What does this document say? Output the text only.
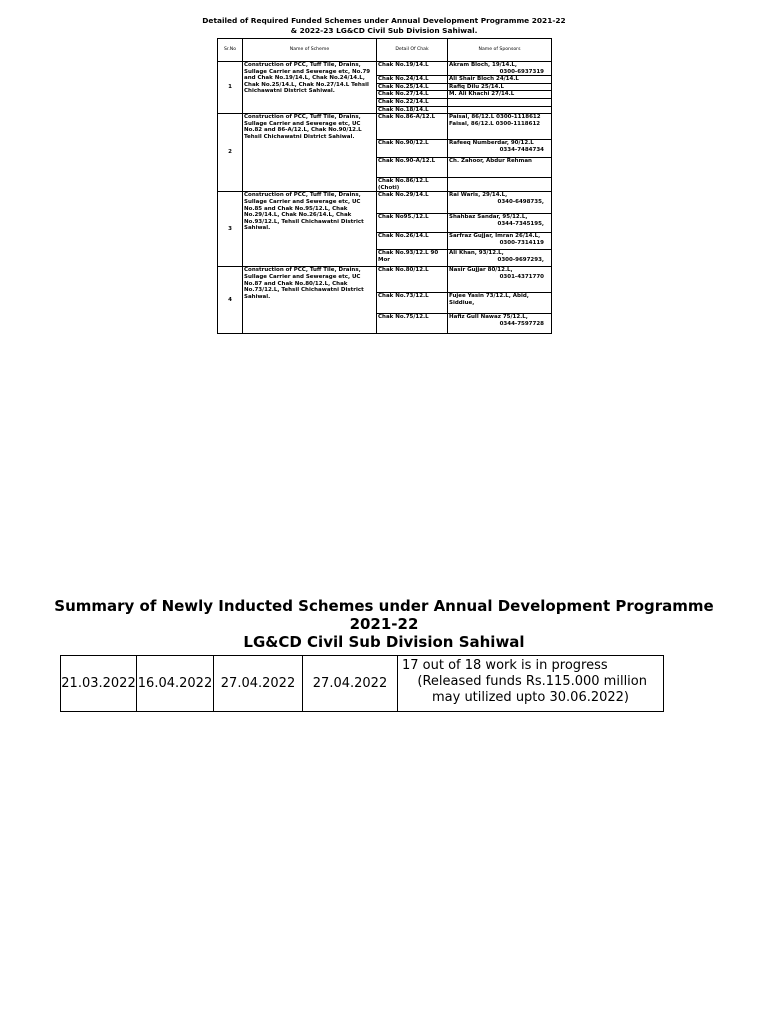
Detailed of Required Funded Schemes under Annual Development Programme 2021-22
& 2022-23 LG&CD Civil Sub Division Sahiwal.
Sr.No	Name of Scheme	Detail Of Chak	Name of Sponsors
1	Construction of PCC, Tuff Tile, Drains, Sullage Carrier and Sewerage etc, No.79 and Chak No.19/14.L, Chak No.24/14.L, Chak No.25/14.L, Chak No.27/14.L Tehsil Chichawatni District Sahiwal.	Chak No.19/14.L	Akram Bloch, 19/14.L,
0300-6937319

		Chak No.24/14.L	Ali Shair Bloch 24/14.L

		Chak No.25/14.L	Rafiq Dilu 25/14.L

		Chak No.27/14.L	M. Ali Khachi 27/14.L

		Chak No.22/14.L	

		Chak No.18/14.L	

2	Construction of PCC, Tuff Tile, Drains, Sullage Carrier and Sewerage etc, UC No.82 and 86-A/12.L, Chak No.90/12.L Tehsil Chichawatni District Sahiwal.	Chak No.86-A/12.L	Paisal, 86/12.L 0300-1118612 Faisal, 86/12.L 0300-1118612

		Chak No.90/12.L	Rafeeq Numberdar, 90/12.L
0334-7484734

		Chak No.90-A/12.L	Ch. Zahoor, Abdur Rehman

		Chak No.86/12.L (Choti)	

3	Construction of PCC, Tuff Tile, Drains, Sullage Carrier and Sewerage etc, UC No.85 and Chak No.95/12.L, Chak No.29/14.L, Chak No.26/14.L, Chak No.93/12.L, Tehsil Chichawatni District Sahiwal.	Chak No.29/14.L	Rai Waris, 29/14.L,
0340-6498735,

		Chak No95./12.L	Shahbaz Sandar, 95/12.L,
0344-7345195,

		Chak No.26/14.L	Sarfraz Gujjar, Imran 26/14.L,
0300-7314119

		Chak No.93/12.L 90 Mor	Ali Khan, 93/12.L,
0300-9697293,

4	Construction of PCC, Tuff Tile, Drains, Sullage Carrier and Sewerage etc, UC No.87 and Chak No.80/12.L, Chak No.73/12.L, Tehsil Chichawatni District Sahiwal.	Chak No.80/12.L	Nasir Gujjar 80/12.L,
0301-4371770

		Chak No.73/12.L	Fujee Yasin 73/12.L, Abid, Siddiue,

		Chak No.75/12.L	Hafiz Gull Nawaz 75/12.L,
0344-7597728
Summary of Newly Inducted Schemes under Annual Development Programme
2021-22
LG&CD Civil Sub Division Sahiwal
21.03.2022	16.04.2022	27.04.2022	27.04.2022	
17 out of 18 work is in progress
(Released funds Rs.115.000 million
may utilized upto 30.06.2022)
